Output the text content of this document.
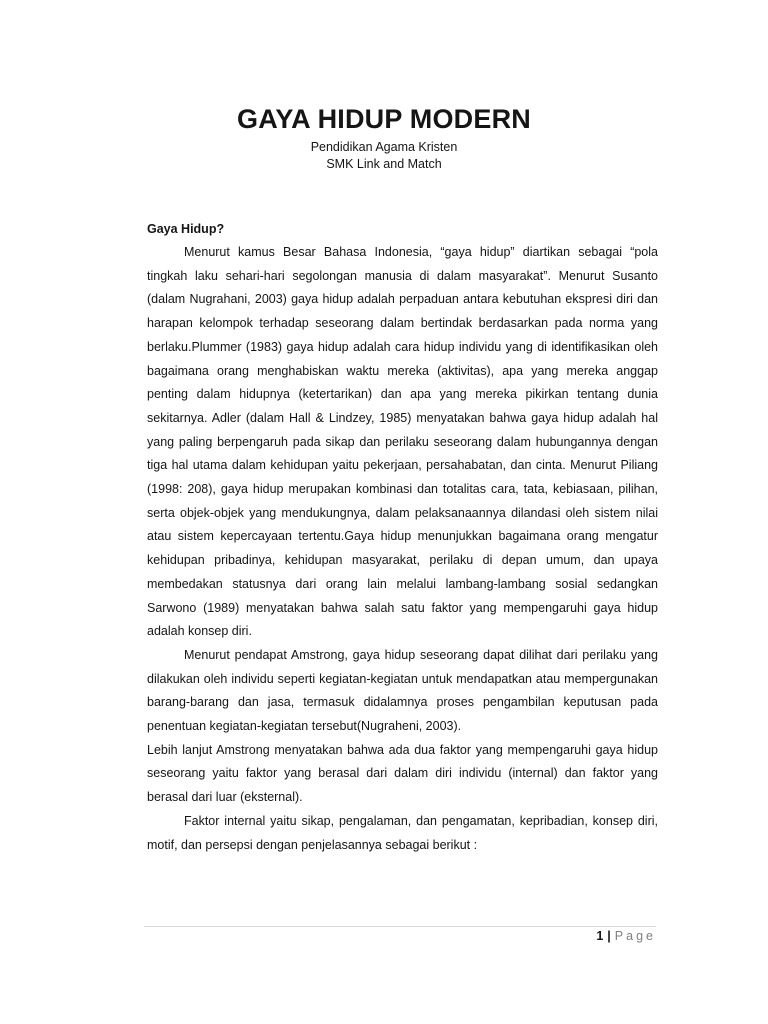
GAYA HIDUP MODERN
Pendidikan Agama Kristen
SMK Link and Match
Gaya Hidup?

Menurut kamus Besar Bahasa Indonesia, “gaya hidup” diartikan sebagai “pola tingkah laku sehari-hari segolongan manusia di dalam masyarakat”. Menurut Susanto (dalam Nugrahani, 2003) gaya hidup adalah perpaduan antara kebutuhan ekspresi diri dan harapan kelompok terhadap seseorang dalam bertindak berdasarkan pada norma yang berlaku.Plummer (1983) gaya hidup adalah cara hidup individu yang di identifikasikan oleh bagaimana orang menghabiskan waktu mereka (aktivitas), apa yang mereka anggap penting dalam hidupnya (ketertarikan) dan apa yang mereka pikirkan tentang dunia sekitarnya. Adler (dalam Hall & Lindzey, 1985) menyatakan bahwa gaya hidup adalah hal yang paling berpengaruh pada sikap dan perilaku seseorang dalam hubungannya dengan tiga hal utama dalam kehidupan yaitu pekerjaan, persahabatan, dan cinta. Menurut Piliang (1998: 208), gaya hidup merupakan kombinasi dan totalitas cara, tata, kebiasaan, pilihan, serta objek-objek yang mendukungnya, dalam pelaksanaannya dilandasi oleh sistem nilai atau sistem kepercayaan tertentu.Gaya hidup menunjukkan bagaimana orang mengatur kehidupan pribadinya, kehidupan masyarakat, perilaku di depan umum, dan upaya membedakan statusnya dari orang lain melalui lambang-lambang sosial sedangkan Sarwono (1989) menyatakan bahwa salah satu faktor yang mempengaruhi gaya hidup adalah konsep diri.

Menurut pendapat Amstrong, gaya hidup seseorang dapat dilihat dari perilaku yang dilakukan oleh individu seperti kegiatan-kegiatan untuk mendapatkan atau mempergunakan barang-barang dan jasa, termasuk didalamnya proses pengambilan keputusan pada penentuan kegiatan-kegiatan tersebut(Nugraheni, 2003).

Lebih lanjut Amstrong menyatakan bahwa ada dua faktor yang mempengaruhi gaya hidup seseorang yaitu faktor yang berasal dari dalam diri individu (internal) dan faktor yang berasal dari luar (eksternal).

Faktor internal yaitu sikap, pengalaman, dan pengamatan, kepribadian, konsep diri, motif, dan persepsi dengan penjelasannya sebagai berikut :

1 | Page
